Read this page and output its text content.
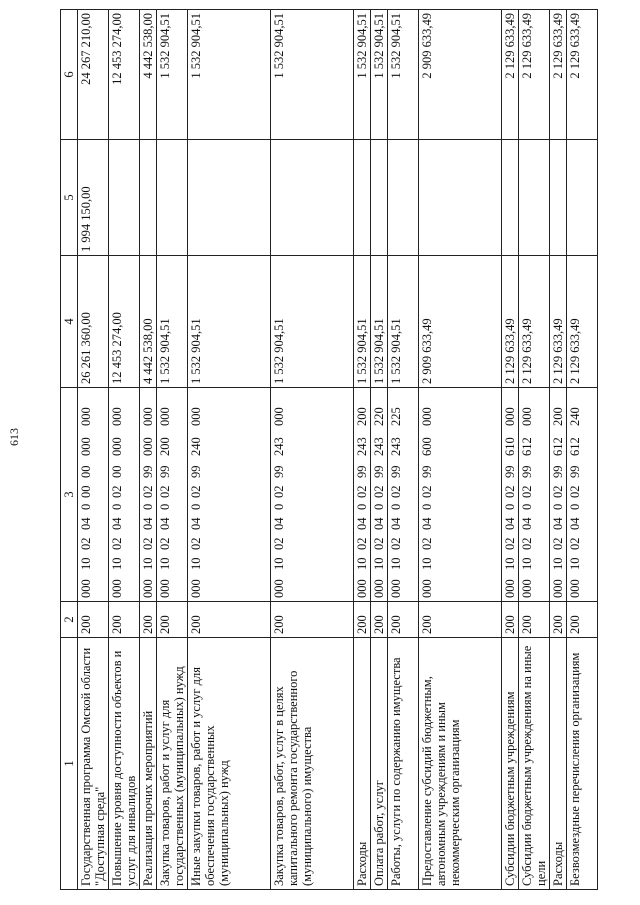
613
1	2	3	4	5	6
Государственная программа Омской области "Доступная среда"	200	00010020400000000000	26 261 360,00	1 994 150,00	24 267 210,00
Повышение уровня доступности объектов и услуг для инвалидов	200	00010020400200000000	12 453 274,00		12 453 274,00
Реализация прочих мероприятий	200	00010020400299000000	4 442 538,00		4 442 538,00
Закупка товаров, работ и услуг для государственных (муниципальных) нужд	200	00010020400299200000	1 532 904,51		1 532 904,51
Иные закупки товаров, работ и услуг для обеспечения государственных (муниципальных) нужд	200	00010020400299240000	1 532 904,51		1 532 904,51
Закупка товаров, работ, услуг в целях капитального ремонта государственного (муниципального) имущества	200	00010020400299243000	1 532 904,51		1 532 904,51
Расходы	200	00010020400299243200	1 532 904,51		1 532 904,51
Оплата работ, услуг	200	00010020400299243220	1 532 904,51		1 532 904,51
Работы, услуги по содержанию имущества	200	00010020400299243225	1 532 904,51		1 532 904,51
Предоставление субсидий бюджетным, автономным учреждениям и иным некоммерческим организациям	200	00010020400299600000	2 909 633,49		2 909 633,49
Субсидии бюджетным учреждениям	200	00010020400299610000	2 129 633,49		2 129 633,49
Субсидии бюджетным учреждениям на иные цели	200	00010020400299612000	2 129 633,49		2 129 633,49
Расходы	200	00010020400299612200	2 129 633,49		2 129 633,49
Безвозмездные перечисления организациям	200	00010020400299612240	2 129 633,49		2 129 633,49
